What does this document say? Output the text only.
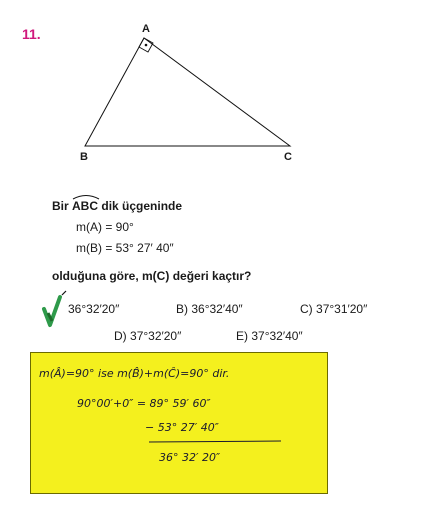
11.	A
B	C
Bir ABC dik üçgeninde
m(A) = 90°
m(B) = 53° 27′ 40″
olduğuna göre, m(C) değeri kaçtır?
36°32′20″	B) 36°32′40″	C) 37°31′20″
D) 37°32′20″	E) 37°32′40″
m(Â)=90° ise m(B̂)+m(Ĉ)=90° dir.
90°00′+0″ = 89° 59′ 60″
− 53° 27′ 40″
36° 32′ 20″
